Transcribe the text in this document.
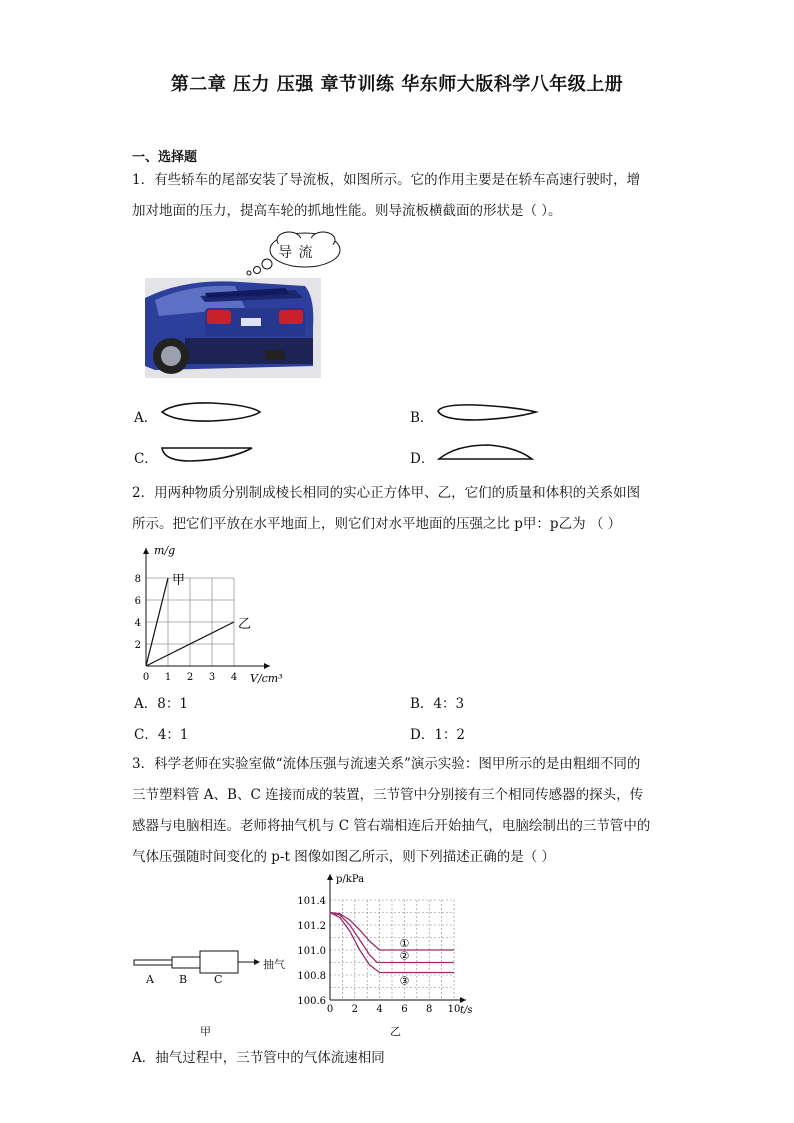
第二章 压力 压强 章节训练 华东师大版科学八年级上册
一、选择题
1．有些轿车的尾部安装了导流板，如图所示。它的作用主要是在轿车高速行驶时，增
加对地面的压力，提高车轮的抓地性能。则导流板横截面的形状是（ ）。
导 流
A．	B．
C．	D．
2．用两种物质分别制成棱长相同的实心正方体甲、乙，它们的质量和体积的关系如图
所示。把它们平放在水平地面上，则它们对水平地面的压强之比 p甲：p乙为 （ ）
0 1 2 3 4
2
4
6
8
m/g
V/cm³
甲
乙
A．8：1	B．4：3
C．4：1	D．1：2
3．科学老师在实验室做“流体压强与流速关系”演示实验：图甲所示的是由粗细不同的
三节塑料管 A、B、C 连接而成的装置，三节管中分别接有三个相同传感器的探头，传
感器与电脑相连。老师将抽气机与 C 管右端相连后开始抽气，电脑绘制出的三节管中的
气体压强随时间变化的 p-t 图像如图乙所示，则下列描述正确的是（ ）
A B C
抽气
甲
0 2 4 6 8 10
100.6
100.8
101.0
101.2
101.4
p/kPa
t/s
①
②
③
乙
A．抽气过程中，三节管中的气体流速相同
